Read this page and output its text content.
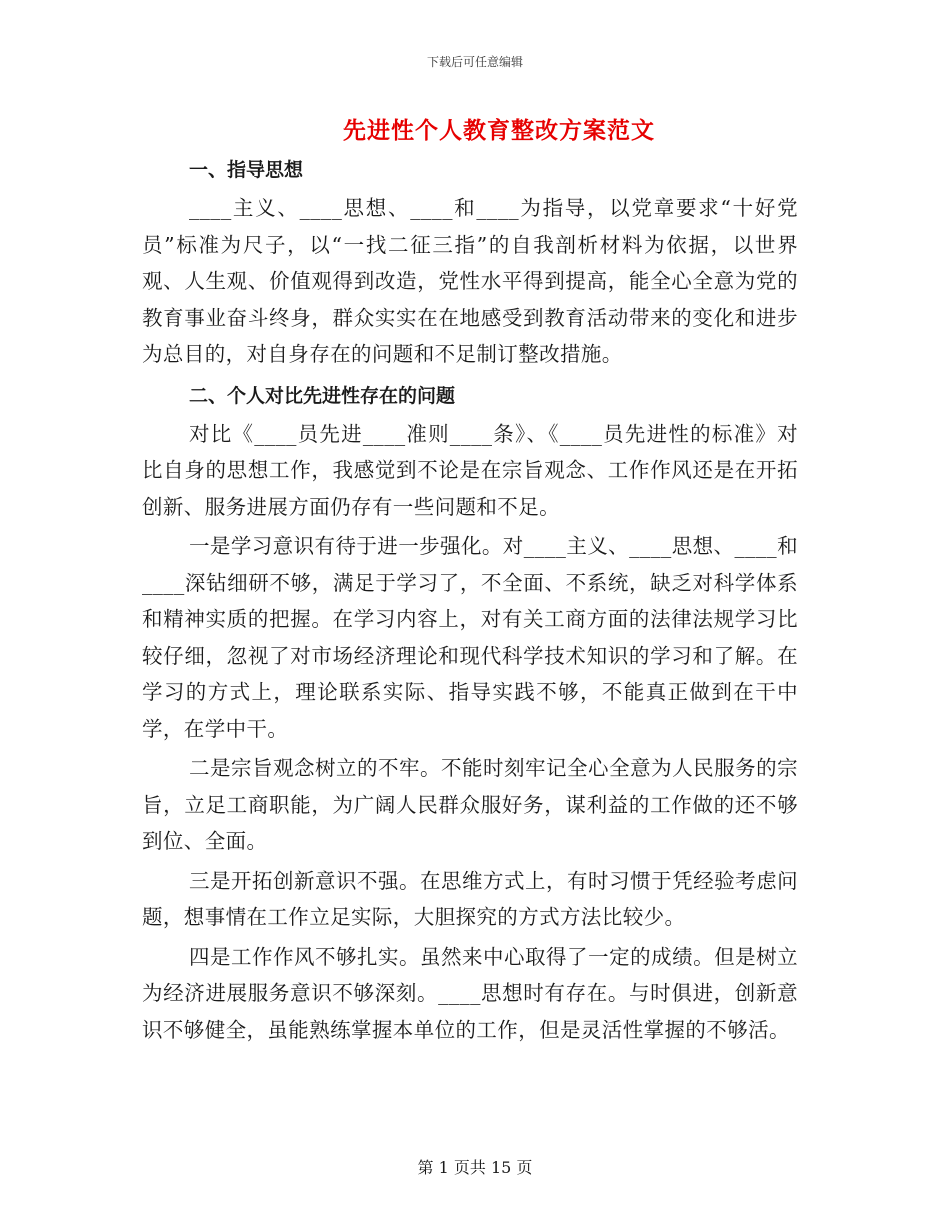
下载后可任意编辑
先进性个人教育整改方案范文
一、指导思想

____主义、____思想、____和____为指导，以党章要求“十好党员”标准为尺子，以“一找二征三指”的自我剖析材料为依据，以世界观、人生观、价值观得到改造，党性水平得到提高，能全心全意为党的教育事业奋斗终身，群众实实在在地感受到教育活动带来的变化和进步为总目的，对自身存在的问题和不足制订整改措施。

二、个人对比先进性存在的问题

对比《____员先进____准则____条》、《____员先进性的标准》对比自身的思想工作，我感觉到不论是在宗旨观念、工作作风还是在开拓创新、服务进展方面仍存有一些问题和不足。

一是学习意识有待于进一步强化。对____主义、____思想、____和____深钻细研不够，满足于学习了，不全面、不系统，缺乏对科学体系和精神实质的把握。在学习内容上，对有关工商方面的法律法规学习比较仔细，忽视了对市场经济理论和现代科学技术知识的学习和了解。在学习的方式上，理论联系实际、指导实践不够，不能真正做到在干中学，在学中干。

二是宗旨观念树立的不牢。不能时刻牢记全心全意为人民服务的宗旨，立足工商职能，为广阔人民群众服好务，谋利益的工作做的还不够到位、全面。

三是开拓创新意识不强。在思维方式上，有时习惯于凭经验考虑问题，想事情在工作立足实际，大胆探究的方式方法比较少。

四是工作作风不够扎实。虽然来中心取得了一定的成绩。但是树立为经济进展服务意识不够深刻。____思想时有存在。与时俱进，创新意识不够健全，虽能熟练掌握本单位的工作，但是灵活性掌握的不够活。

第 1 页共 15 页
